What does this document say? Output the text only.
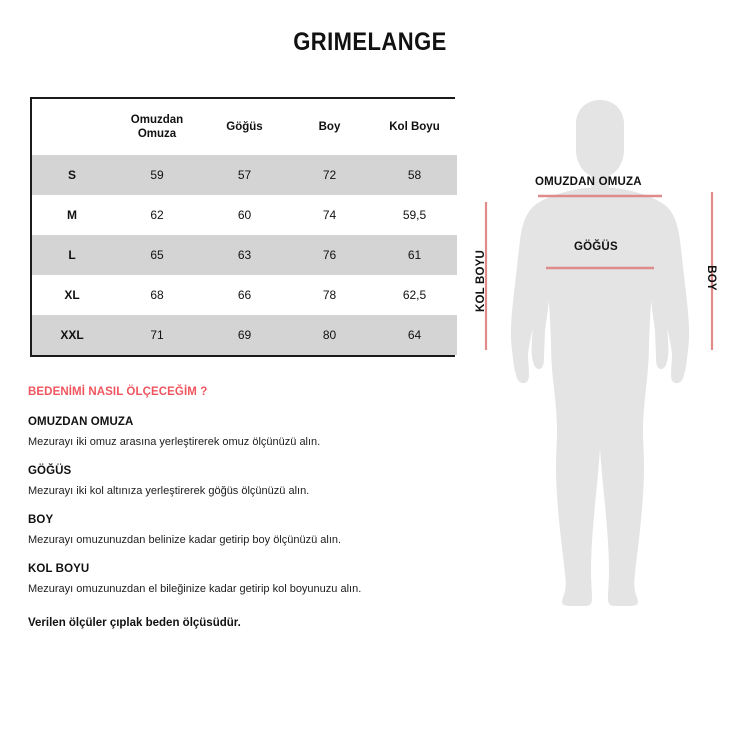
GRIMELANGE
	Omuzdan
Omuza	Göğüs	Boy	Kol Boyu
S	59	57	72	58
M	62	60	74	59,5
L	65	63	76	61
XL	68	66	78	62,5
XXL	71	69	80	64
BEDENİMİ NASIL ÖLÇECEĞİM ?
OMUZDAN OMUZA
Mezurayı iki omuz arasına yerleştirerek omuz ölçünüzü alın.
GÖĞÜS
Mezurayı iki kol altınıza yerleştirerek göğüs ölçünüzü alın.
BOY
Mezurayı omuzunuzdan belinize kadar getirip boy ölçünüzü alın.
KOL BOYU
Mezurayı omuzunuzdan el bileğinize kadar getirip kol boyunuzu alın.
Verilen ölçüler çıplak beden ölçüsüdür.
OMUZDAN OMUZA
GÖĞÜS
KOL BOYU	BOY
